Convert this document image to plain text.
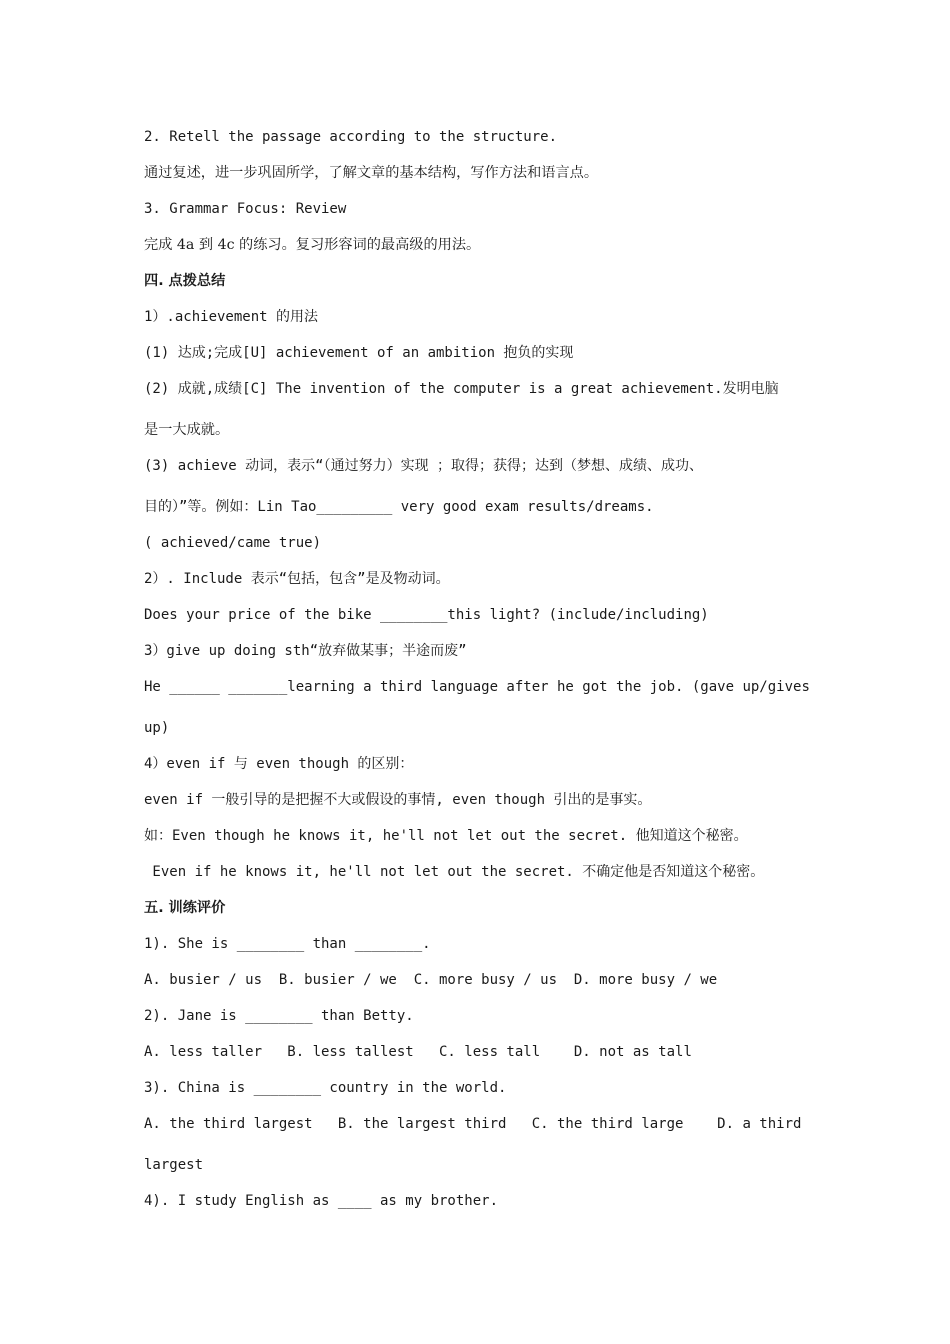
2. Retell the passage according to the structure.
通过复述，进一步巩固所学，了解文章的基本结构，写作方法和语言点。
3. Grammar Focus: Review
完成 4a 到 4c 的练习。复习形容词的最高级的用法。
四. 点拨总结
1）.achievement 的用法
(1) 达成;完成[U] achievement of an ambition 抱负的实现
(2) 成就,成绩[C] The invention of the computer is a great achievement.发明电脑
是一大成就。
(3) achieve 动词，表示“（通过努力）实现 ；取得；获得；达到（梦想、成绩、成功、
目的）”等。例如：Lin Tao_________ very good exam results/dreams.
( achieved/came true)
2）. Include 表示“包括，包含”是及物动词。
Does your price of the bike ________this light? (include/including)
3）give up doing sth“放弃做某事；半途而废”
He ______ _______learning a third language after he got the job. (gave up/gives
up)
4）even if 与 even though 的区别：
even if 一般引导的是把握不大或假设的事情, even though 引出的是事实。
如：Even though he knows it, he'll not let out the secret. 他知道这个秘密。
Even if he knows it, he'll not let out the secret. 不确定他是否知道这个秘密。
五. 训练评价
1). She is ________ than ________.
A. busier / us  B. busier / we  C. more busy / us  D. more busy / we
2). Jane is ________ than Betty.
A. less taller   B. less tallest   C. less tall    D. not as tall
3). China is ________ country in the world.
A. the third largest   B. the largest third   C. the third large    D. a third
largest
4). I study English as ____ as my brother.
